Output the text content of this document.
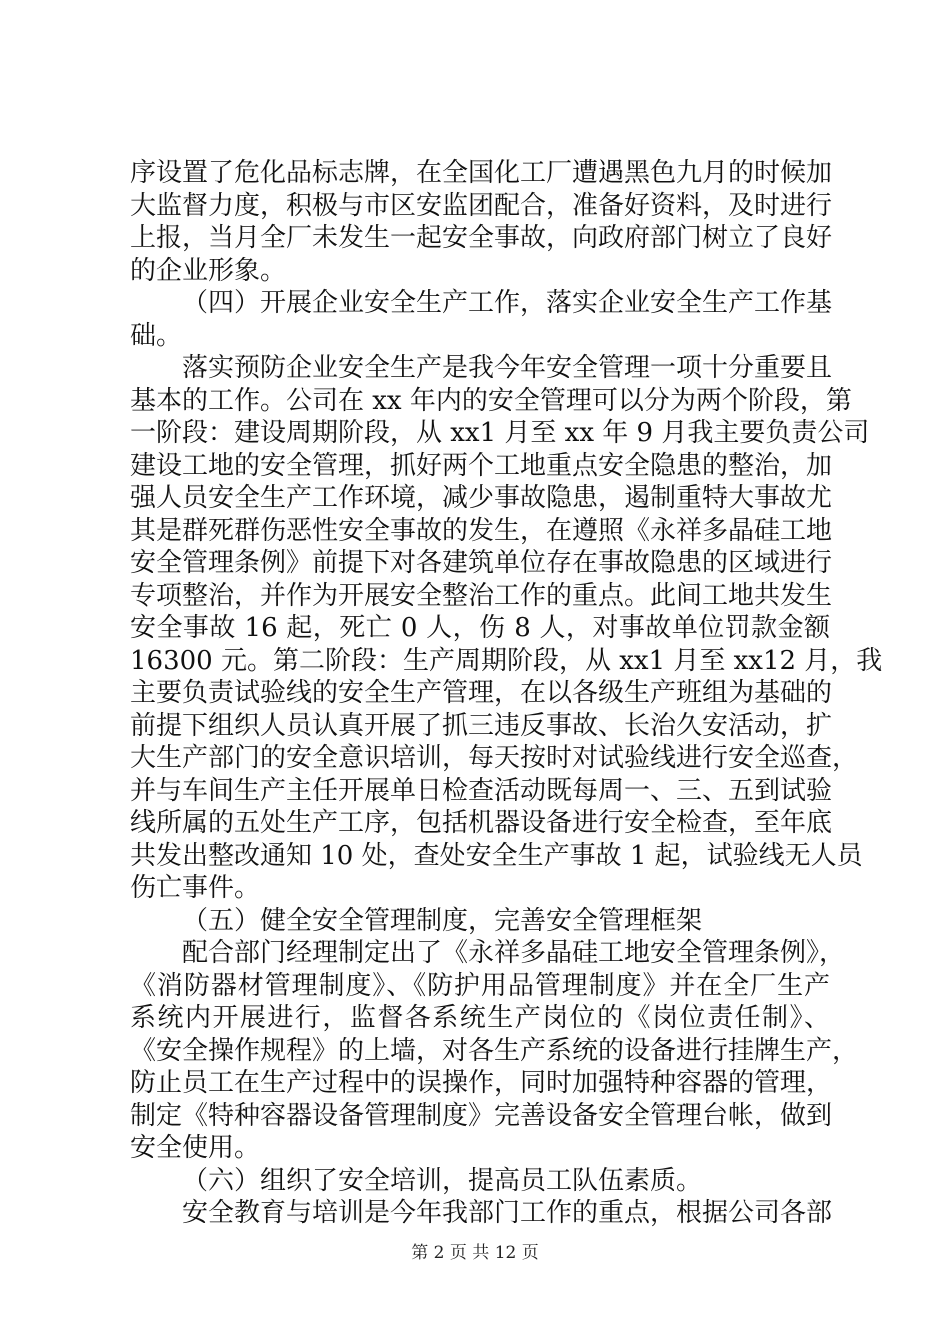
序设置了危化品标志牌，在全国化工厂遭遇黑色九月的时候加
大监督力度，积极与市区安监团配合，准备好资料，及时进行
上报，当月全厂未发生一起安全事故，向政府部门树立了良好
的企业形象。
（四）开展企业安全生产工作，落实企业安全生产工作基
础。
落实预防企业安全生产是我今年安全管理一项十分重要且
基本的工作。公司在 xx 年内的安全管理可以分为两个阶段，第
一阶段：建设周期阶段，从 xx1 月至 xx 年 9 月我主要负责公司
建设工地的安全管理，抓好两个工地重点安全隐患的整治，加
强人员安全生产工作环境，减少事故隐患，遏制重特大事故尤
其是群死群伤恶性安全事故的发生，在遵照《永祥多晶硅工地
安全管理条例》前提下对各建筑单位存在事故隐患的区域进行
专项整治，并作为开展安全整治工作的重点。此间工地共发生
安全事故 16 起，死亡 0 人，伤 8 人，对事故单位罚款金额
16300 元。第二阶段：生产周期阶段，从 xx1 月至 xx12 月，我
主要负责试验线的安全生产管理，在以各级生产班组为基础的
前提下组织人员认真开展了抓三违反事故、长治久安活动，扩
大生产部门的安全意识培训，每天按时对试验线进行安全巡查，
并与车间生产主任开展单日检查活动既每周一、三、五到试验
线所属的五处生产工序，包括机器设备进行安全检查，至年底
共发出整改通知 10 处，查处安全生产事故 1 起，试验线无人员
伤亡事件。
（五）健全安全管理制度，完善安全管理框架
配合部门经理制定出了《永祥多晶硅工地安全管理条例》，
《消防器材管理制度》、《防护用品管理制度》并在全厂生产
系统内开展进行，监督各系统生产岗位的《岗位责任制》、
《安全操作规程》的上墙，对各生产系统的设备进行挂牌生产，
防止员工在生产过程中的误操作，同时加强特种容器的管理，
制定《特种容器设备管理制度》完善设备安全管理台帐，做到
安全使用。
（六）组织了安全培训，提高员工队伍素质。
安全教育与培训是今年我部门工作的重点，根据公司各部
第 2 页 共 12 页
